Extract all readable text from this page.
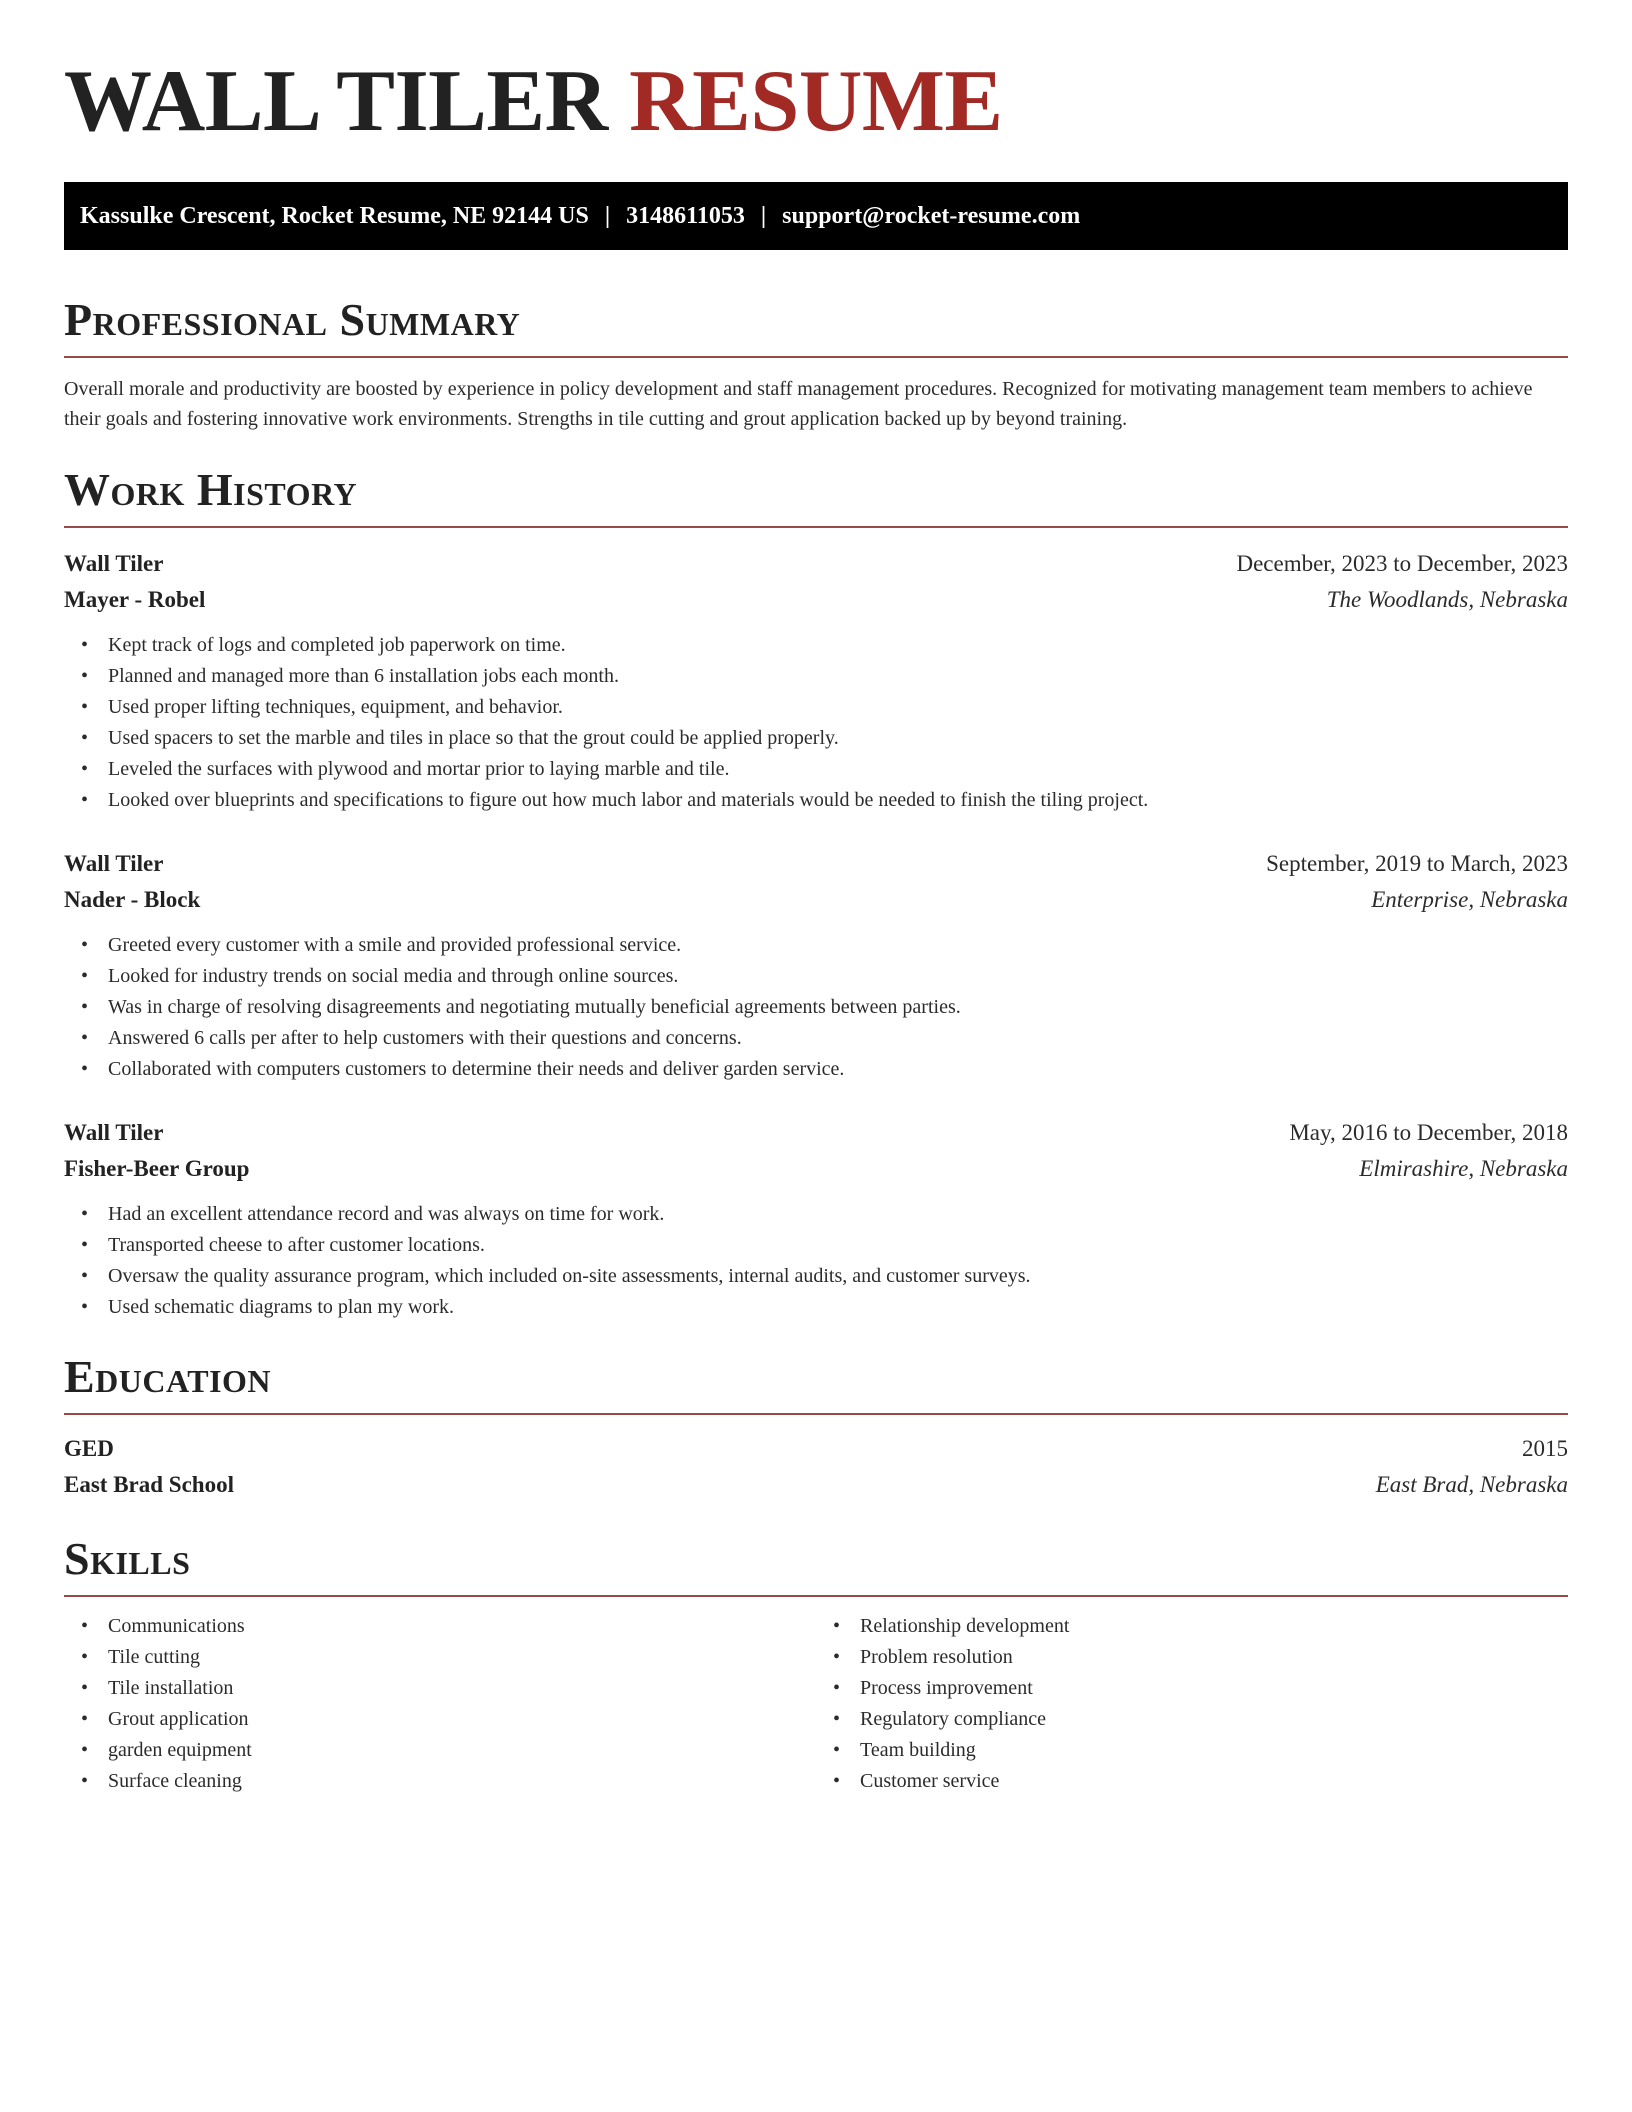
WALL TILER RESUME
Kassulke Crescent, Rocket Resume, NE 92144 US | 3148611053 | support@rocket-resume.com
Professional Summary

Overall morale and productivity are boosted by experience in policy development and staff management procedures. Recognized for motivating management team members to achieve their goals and fostering innovative work environments. Strengths in tile cutting and grout application backed up by beyond training.

Work History
Wall Tiler	December, 2023 to December, 2023
Mayer - Robel	The Woodlands, Nebraska
• Kept track of logs and completed job paperwork on time.
• Planned and managed more than 6 installation jobs each month.
• Used proper lifting techniques, equipment, and behavior.
• Used spacers to set the marble and tiles in place so that the grout could be applied properly.
• Leveled the surfaces with plywood and mortar prior to laying marble and tile.
• Looked over blueprints and specifications to figure out how much labor and materials would be needed to finish the tiling project.
Wall Tiler	September, 2019 to March, 2023
Nader - Block	Enterprise, Nebraska
• Greeted every customer with a smile and provided professional service.
• Looked for industry trends on social media and through online sources.
• Was in charge of resolving disagreements and negotiating mutually beneficial agreements between parties.
• Answered 6 calls per after to help customers with their questions and concerns.
• Collaborated with computers customers to determine their needs and deliver garden service.
Wall Tiler	May, 2016 to December, 2018
Fisher-Beer Group	Elmirashire, Nebraska
• Had an excellent attendance record and was always on time for work.
• Transported cheese to after customer locations.
• Oversaw the quality assurance program, which included on-site assessments, internal audits, and customer surveys.
• Used schematic diagrams to plan my work.
Education
GED	2015
East Brad School	East Brad, Nebraska
Skills
• Communications
• Tile cutting
• Tile installation
• Grout application
• garden equipment
• Surface cleaning
• Relationship development
• Problem resolution
• Process improvement
• Regulatory compliance
• Team building
• Customer service
